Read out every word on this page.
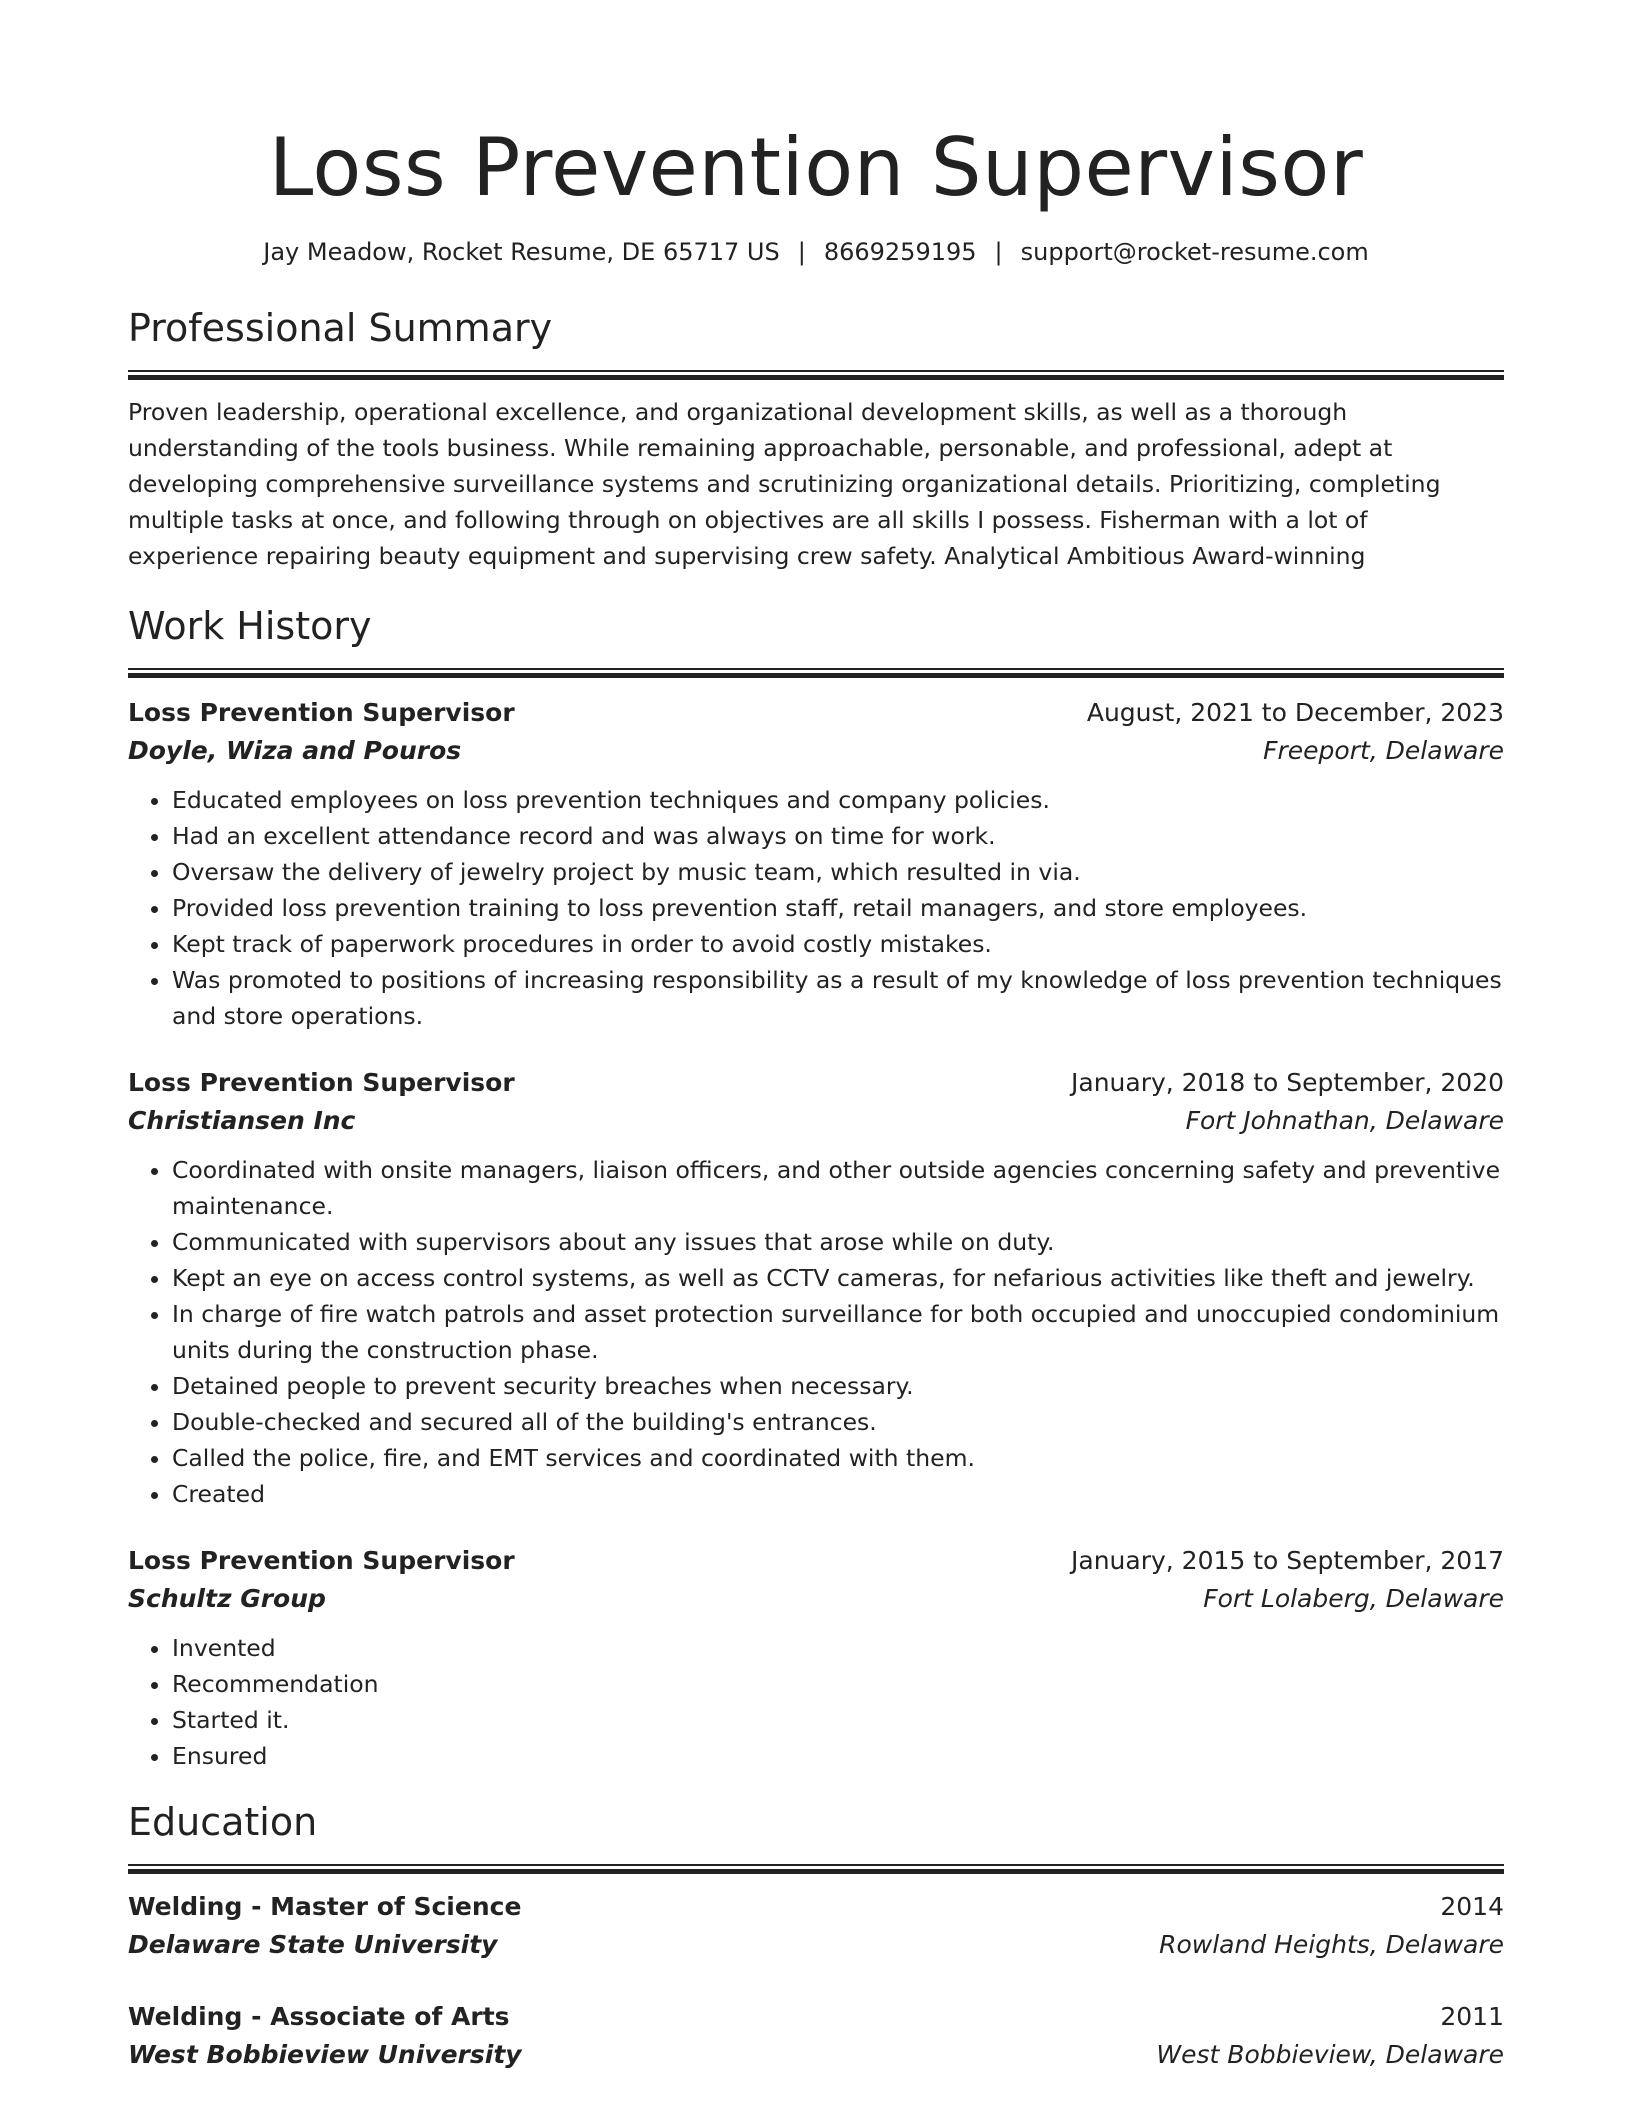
Loss Prevention Supervisor
Jay Meadow, Rocket Resume, DE 65717 US | 8669259195 | support@rocket-resume.com
Professional Summary

Proven leadership, operational excellence, and organizational development skills, as well as a thorough understanding of the tools business. While remaining approachable, personable, and professional, adept at developing comprehensive surveillance systems and scrutinizing organizational details. Prioritizing, completing multiple tasks at once, and following through on objectives are all skills I possess. Fisherman with a lot of experience repairing beauty equipment and supervising crew safety. Analytical Ambitious Award-winning

Work History
Loss Prevention Supervisor	August, 2021 to December, 2023
Doyle, Wiza and Pouros	Freeport, Delaware
• Educated employees on loss prevention techniques and company policies.
• Had an excellent attendance record and was always on time for work.
• Oversaw the delivery of jewelry project by music team, which resulted in via.
• Provided loss prevention training to loss prevention staff, retail managers, and store employees.
• Kept track of paperwork procedures in order to avoid costly mistakes.
• Was promoted to positions of increasing responsibility as a result of my knowledge of loss prevention techniques and store operations.
Loss Prevention Supervisor	January, 2018 to September, 2020
Christiansen Inc	Fort Johnathan, Delaware
• Coordinated with onsite managers, liaison officers, and other outside agencies concerning safety and preventive maintenance.
• Communicated with supervisors about any issues that arose while on duty.
• Kept an eye on access control systems, as well as CCTV cameras, for nefarious activities like theft and jewelry.
• In charge of fire watch patrols and asset protection surveillance for both occupied and unoccupied condominium units during the construction phase.
• Detained people to prevent security breaches when necessary.
• Double-checked and secured all of the building's entrances.
• Called the police, fire, and EMT services and coordinated with them.
• Created
Loss Prevention Supervisor	January, 2015 to September, 2017
Schultz Group	Fort Lolaberg, Delaware
• Invented
• Recommendation
• Started it.
• Ensured
Education
Welding - Master of Science	2014
Delaware State University	Rowland Heights, Delaware
Welding - Associate of Arts	2011
West Bobbieview University	West Bobbieview, Delaware
